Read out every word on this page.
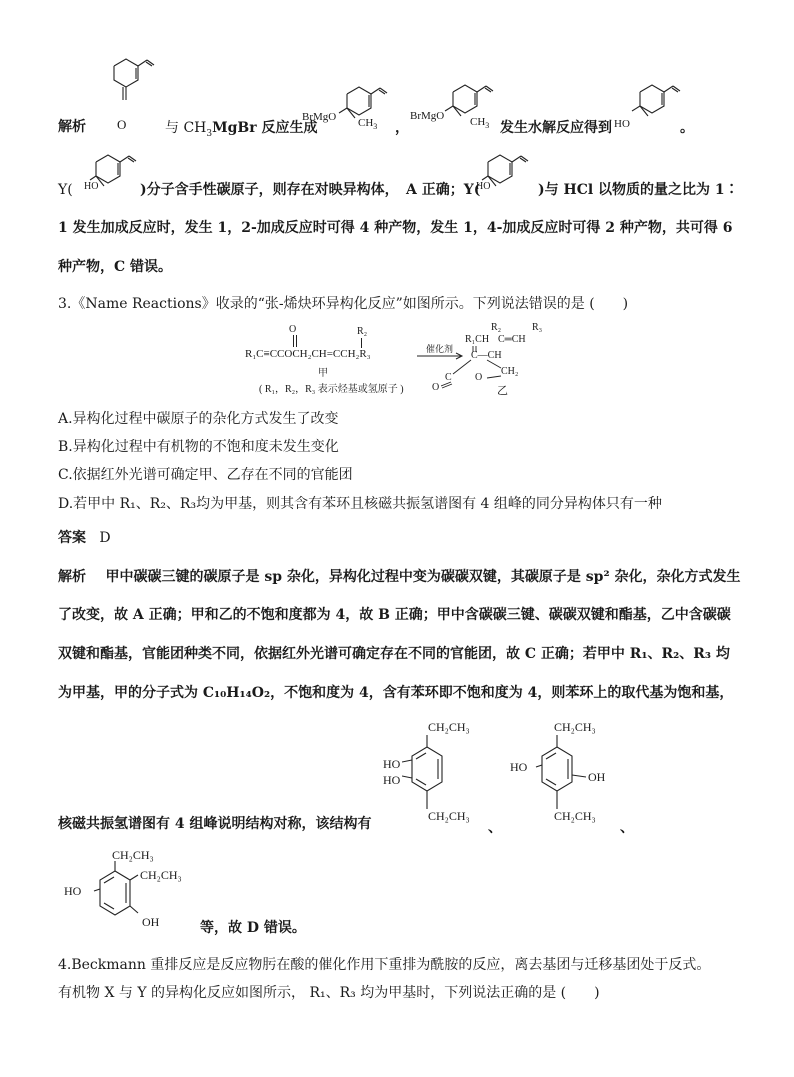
解析 O	与 $CH_3MgBr$ 反应生成
BrMgO $CH_3$ ，
BrMgO $CH_3$ 发生水解反应得到 HO	。
Y( HO	)分子含手性碳原子，则存在对映异构体， A 正确；Y(
HO	)与 HCl 以物质的量之比为 1∶
1 发生加成反应时，发生 1，2-加成反应时可得 4 种产物，发生 1，4-加成反应时可得 2 种产物，共可得 6
种产物，C 错误。
3.《Name Reactions》收录的“张-烯炔环异构化反应”如图所示。下列说法错误的是 (　　)
O	R₂
R₁C≡CCOCH₂CH=CCH₂R₃
甲
( R₁，R₂，R₃ 表示烃基或氢原子 )
催化剂
R₂	R₃
R₁CH C═CH
C—CH
C O
CH₂
O	乙
A.异构化过程中碳原子的杂化方式发生了改变
B.异构化过程中有机物的不饱和度未发生变化
C.依据红外光谱可确定甲、乙存在不同的官能团
D.若甲中 R₁、R₂、R₃均为甲基，则其含有苯环且核磁共振氢谱图有 4 组峰的同分异构体只有一种
答案 D
解析 甲中碳碳三键的碳原子是 sp 杂化，异构化过程中变为碳碳双键，其碳原子是 sp² 杂化，杂化方式发生
了改变，故 A 正确；甲和乙的不饱和度都为 4，故 B 正确；甲中含碳碳三键、碳碳双键和酯基，乙中含碳碳
双键和酯基，官能团种类不同，依据红外光谱可确定存在不同的官能团，故 C 正确；若甲中 R₁、R₂、R₃ 均
为甲基，甲的分子式为 C₁₀H₁₄O₂，不饱和度为 4，含有苯环即不饱和度为 4，则苯环上的取代基为饱和基，
CH₂CH₃
HO
HO
CH₂CH₃
CH₂CH₃
HO
OH
CH₂CH₃
核磁共振氢谱图有 4 组峰说明结构对称，该结构有	、	、
CH₂CH₃
CH₂CH₃
HO
OH	等，故 D 错误。
4.Beckmann 重排反应是反应物肟在酸的催化作用下重排为酰胺的反应，离去基团与迁移基团处于反式。
有机物 X 与 Y 的异构化反应如图所示， R₁、R₃ 均为甲基时，下列说法正确的是 (　　)
